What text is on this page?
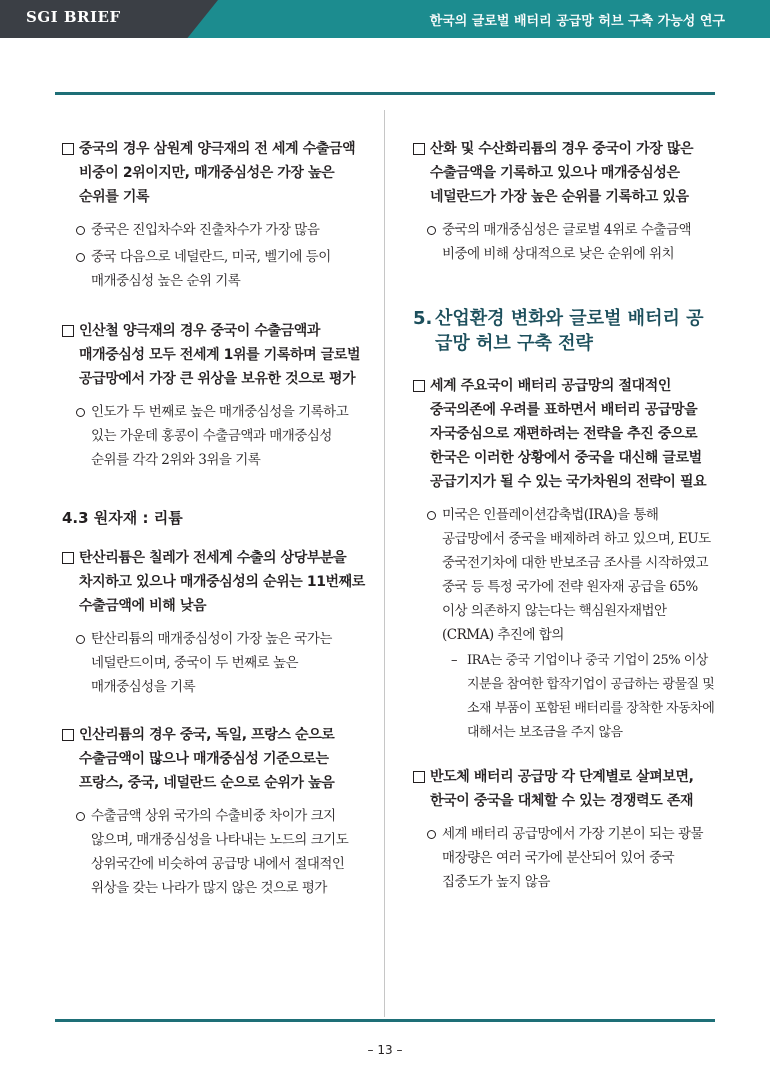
SGI BRIEF	한국의 글로벌 배터리 공급망 허브 구축 가능성 연구
중국의 경우 삼원계 양극재의 전 세계 수출금액 비중이 2위이지만, 매개중심성은 가장 높은 순위를 기록
중국은 진입차수와 진출차수가 가장 많음
중국 다음으로 네덜란드, 미국, 벨기에 등이 매개중심성 높은 순위 기록
인산철 양극재의 경우 중국이 수출금액과 매개중심성 모두 전세계 1위를 기록하며 글로벌 공급망에서 가장 큰 위상을 보유한 것으로 평가
인도가 두 번째로 높은 매개중심성을 기록하고 있는 가운데 홍콩이 수출금액과 매개중심성 순위를 각각 2위와 3위을 기록
4.3 원자재 : 리튬
탄산리튬은 칠레가 전세계 수출의 상당부분을 차지하고 있으나 매개중심성의 순위는 11번째로 수출금액에 비해 낮음
탄산리튬의 매개중심성이 가장 높은 국가는 네덜란드이며, 중국이 두 번째로 높은 매개중심성을 기록
인산리튬의 경우 중국, 독일, 프랑스 순으로 수출금액이 많으나 매개중심성 기준으로는 프랑스, 중국, 네덜란드 순으로 순위가 높음
수출금액 상위 국가의 수출비중 차이가 크지 않으며, 매개중심성을 나타내는 노드의 크기도 상위국간에 비슷하여 공급망 내에서 절대적인 위상을 갖는 나라가 많지 않은 것으로 평가
산화 및 수산화리튬의 경우 중국이 가장 많은 수출금액을 기록하고 있으나 매개중심성은 네덜란드가 가장 높은 순위를 기록하고 있음
중국의 매개중심성은 글로벌 4위로 수출금액 비중에 비해 상대적으로 낮은 순위에 위치
5. 산업환경 변화와 글로벌 배터리 공급망 허브 구축 전략
세계 주요국이 배터리 공급망의 절대적인 중국의존에 우려를 표하면서 배터리 공급망을 자국중심으로 재편하려는 전략을 추진 중으로 한국은 이러한 상황에서 중국을 대신해 글로벌 공급기지가 될 수 있는 국가차원의 전략이 필요
미국은 인플레이션감축법(IRA)을 통해 공급망에서 중국을 배제하려 하고 있으며, EU도 중국전기차에 대한 반보조금 조사를 시작하였고 중국 등 특정 국가에 전략 원자재 공급을 65% 이상 의존하지 않는다는 핵심원자재법안(CRMA) 추진에 합의
– IRA는 중국 기업이나 중국 기업이 25% 이상 지분을 참여한 합작기업이 공급하는 광물질 및 소재 부품이 포함된 배터리를 장착한 자동차에 대해서는 보조금을 주지 않음
반도체 배터리 공급망 각 단계별로 살펴보면, 한국이 중국을 대체할 수 있는 경쟁력도 존재
세계 배터리 공급망에서 가장 기본이 되는 광물 매장량은 여러 국가에 분산되어 있어 중국 집중도가 높지 않음
– 13 –
